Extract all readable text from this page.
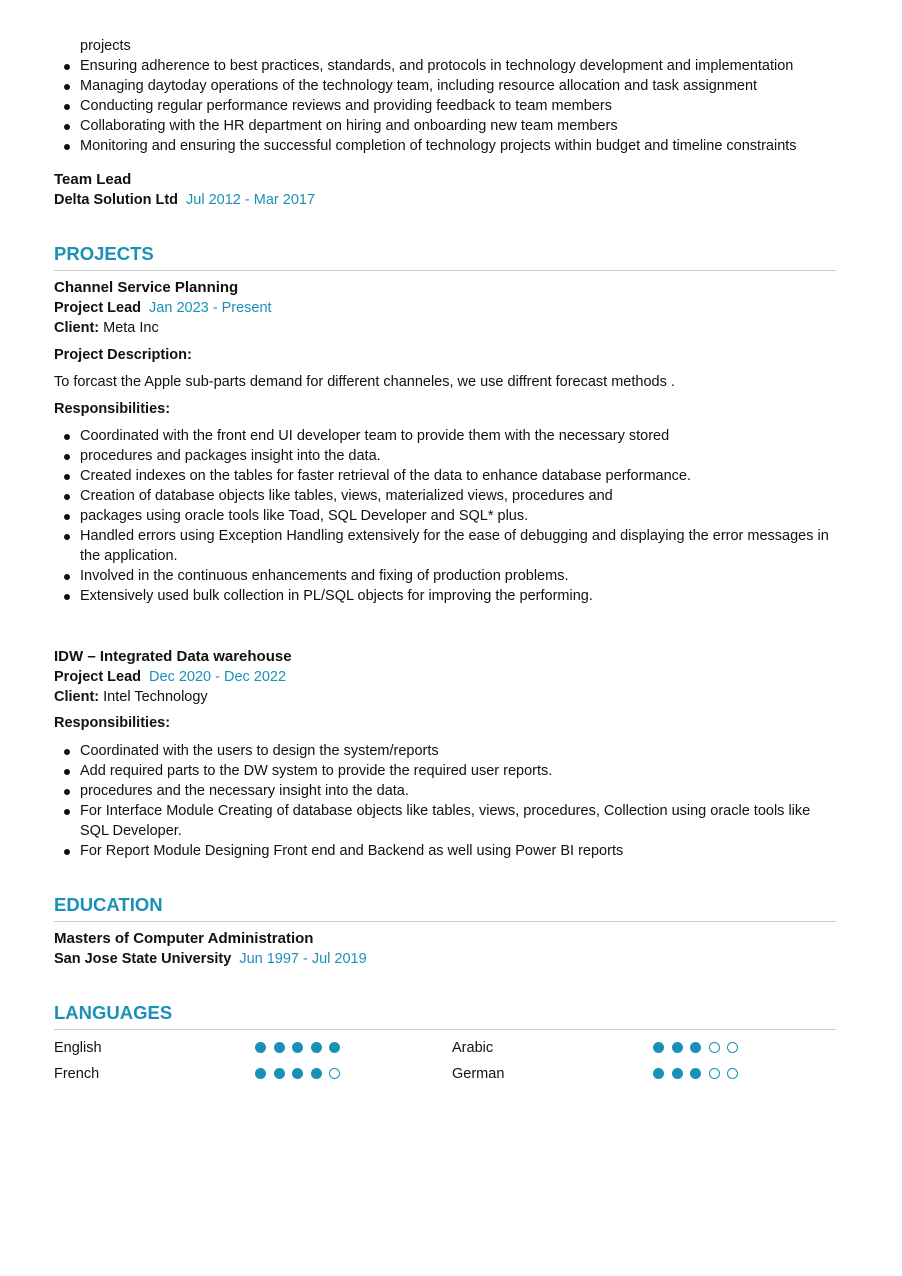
projects
Ensuring adherence to best practices, standards, and protocols in technology development and implementation
Managing daytoday operations of the technology team, including resource allocation and task assignment
Conducting regular performance reviews and providing feedback to team members
Collaborating with the HR department on hiring and onboarding new team members
Monitoring and ensuring the successful completion of technology projects within budget and timeline constraints
Team Lead
Delta Solution Ltd Jul 2012 - Mar 2017
PROJECTS
Channel Service Planning
Project Lead Jan 2023 - Present
Client: Meta Inc
Project Description:
To forcast the Apple sub-parts demand for different channeles, we use diffrent forecast methods .
Responsibilities:
Coordinated with the front end UI developer team to provide them with the necessary stored
procedures and packages insight into the data.
Created indexes on the tables for faster retrieval of the data to enhance database performance.
Creation of database objects like tables, views, materialized views, procedures and
packages using oracle tools like Toad, SQL Developer and SQL* plus.
Handled errors using Exception Handling extensively for the ease of debugging and displaying the error messages in the application.
Involved in the continuous enhancements and fixing of production problems.
Extensively used bulk collection in PL/SQL objects for improving the performing.
IDW – Integrated Data warehouse
Project Lead Dec 2020 - Dec 2022
Client: Intel Technology
Responsibilities:
Coordinated with the users to design the system/reports
Add required parts to the DW system to provide the required user reports.
procedures and the necessary insight into the data.
For Interface Module Creating of database objects like tables, views, procedures, Collection using oracle tools like SQL Developer.
For Report Module Designing Front end and Backend as well using Power BI reports
EDUCATION
Masters of Computer Administration
San Jose State University Jun 1997 - Jul 2019
LANGUAGES
English	Arabic
French	German
